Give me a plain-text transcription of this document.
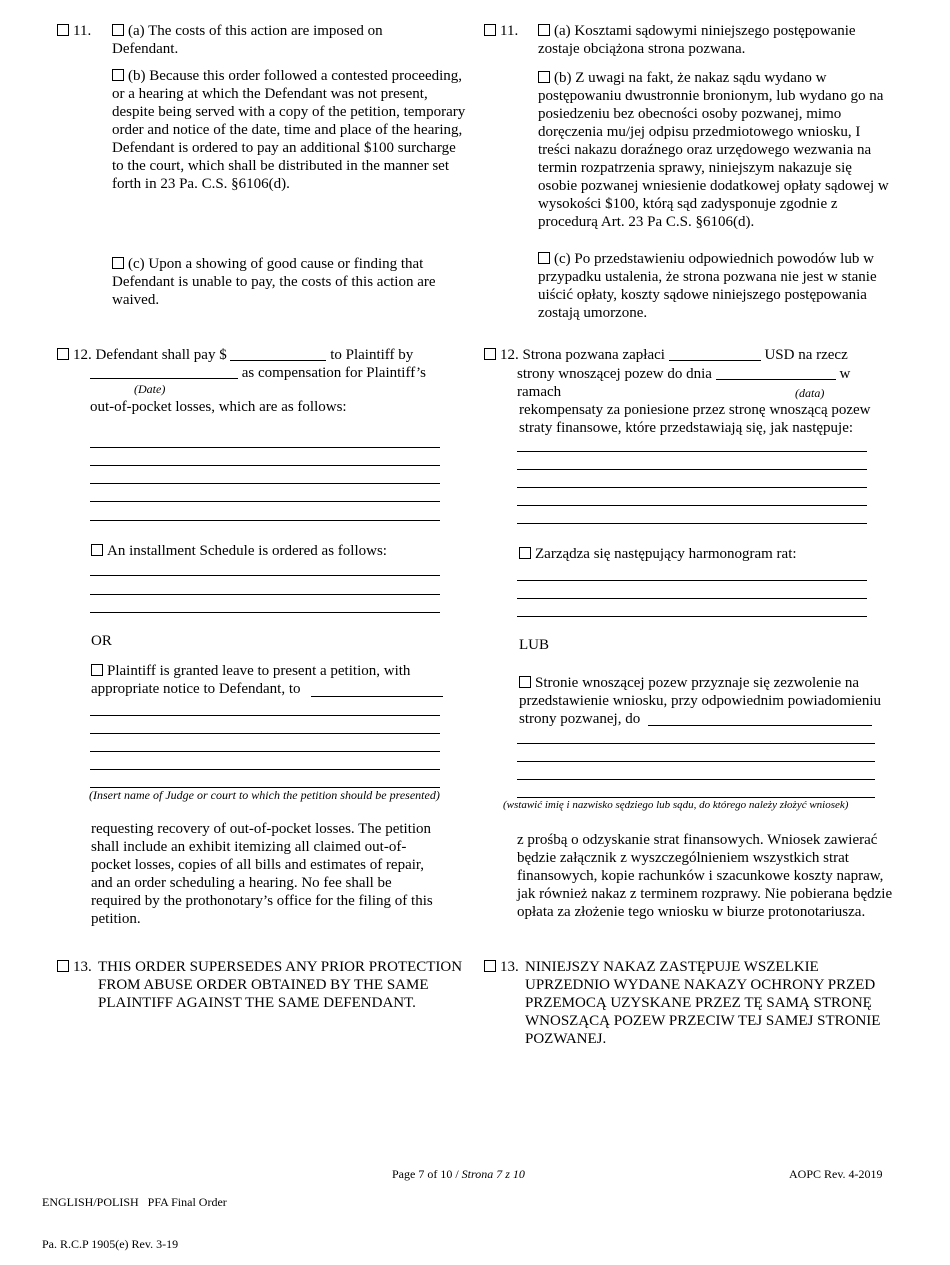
11.	(a) The costs of this action are imposed on Defendant.
(b) Because this order followed a contested proceeding, or a hearing at which the Defendant was not present, despite being served with a copy of the petition, temporary order and notice of the date, time and place of the hearing, Defendant is ordered to pay an additional $100 surcharge to the court, which shall be distributed in the manner set forth in 23 Pa. C.S. §6106(d).
(c) Upon a showing of good cause or finding that Defendant is unable to pay, the costs of this action are waived.
12. Defendant shall pay $	to Plaintiff by
as compensation for Plaintiff’s
(Date)
out-of-pocket losses, which are as follows:
An installment Schedule is ordered as follows:
OR
Plaintiff is granted leave to present a petition, with appropriate notice to Defendant, to
(Insert name of Judge or court to which the petition should be presented)
requesting recovery of out-of-pocket losses. The petition shall include an exhibit itemizing all claimed out-of-pocket losses, copies of all bills and estimates of repair, and an order scheduling a hearing. No fee shall be required by the prothonotary’s office for the filing of this petition.
13. THIS ORDER SUPERSEDES ANY PRIOR PROTECTION FROM ABUSE ORDER OBTAINED BY THE SAME PLAINTIFF AGAINST THE SAME DEFENDANT.
11.	(a) Kosztami sądowymi niniejszego postępowanie zostaje obciążona strona pozwana.
(b) Z uwagi na fakt, że nakaz sądu wydano w postępowaniu dwustronnie bronionym, lub wydano go na posiedzeniu bez obecności osoby pozwanej, mimo doręczenia mu/jej odpisu przedmiotowego wniosku, I treści nakazu doraźnego oraz urzędowego wezwania na termin rozpatrzenia sprawy, niniejszym nakazuje się osobie pozwanej wniesienie dodatkowej opłaty sądowej w wysokości $100, którą sąd zadysponuje zgodnie z procedurą Art. 23 Pa C.S. §6106(d).
(c) Po przedstawieniu odpowiednich powodów lub w przypadku ustalenia, że strona pozwana nie jest w stanie uiścić opłaty, koszty sądowe niniejszego postępowania zostają umorzone.
12. Strona pozwana zapłaci	USD na rzecz
strony wnoszącej pozew do dnia	w
ramach	(data)
rekompensaty za poniesione przez stronę wnoszącą pozew straty finansowe, które przedstawiają się, jak następuje:
Zarządza się następujący harmonogram rat:
LUB
Stronie wnoszącej pozew przyznaje się zezwolenie na przedstawienie wniosku, przy odpowiednim powiadomieniu strony pozwanej, do
(wstawić imię i nazwisko sędziego lub sądu, do którego należy złożyć wniosek)
z prośbą o odzyskanie strat finansowych. Wniosek zawierać będzie załącznik z wyszczególnieniem wszystkich strat finansowych, kopie rachunków i szacunkowe koszty napraw, jak również nakaz z terminem rozprawy. Nie pobierana będzie opłata za złożenie tego wniosku w biurze protonotariusza.
13. NINIEJSZY NAKAZ ZASTĘPUJE WSZELKIE UPRZEDNIO WYDANE NAKAZY OCHRONY PRZED PRZEMOCĄ UZYSKANE PRZEZ TĘ SAMĄ STRONĘ WNOSZĄCĄ POZEW PRZECIW TEJ SAMEJ STRONIE POZWANEJ.

ENGLISH/POLISH   PFA Final Order

Pa. R.C.P 1905(e) Rev. 3-19

Page 7 of 10 / Strona 7 z 10	AOPC Rev. 4-2019
